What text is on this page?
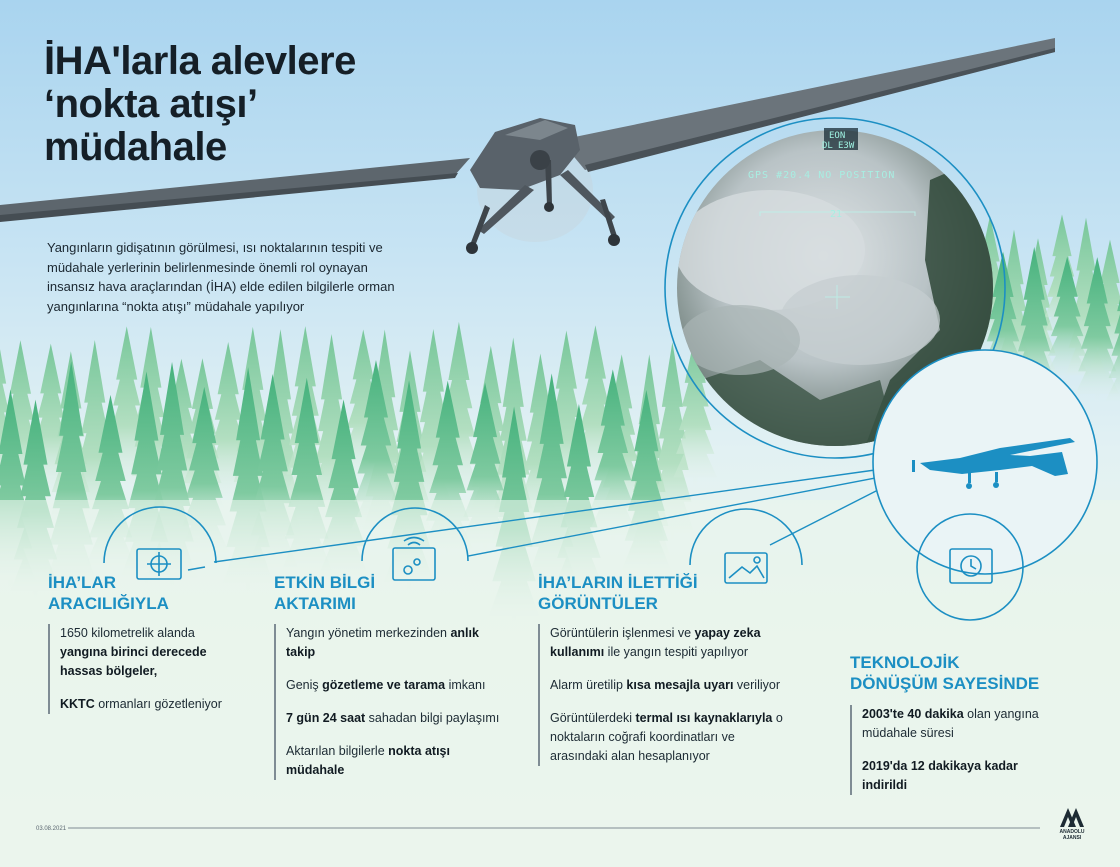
EON
DL E3W
GPS #20.4 NO POSITION
21
İHA'larla alevlere
‘nokta atışı’
müdahale

Yangınların gidişatının görülmesi, ısı noktalarının tespiti ve müdahale yerlerinin belirlenmesinde önemli rol oynayan insansız hava araçlarından (İHA) elde edilen bilgilerle orman yangınlarına “nokta atışı” müdahale yapılıyor

İHA’LAR
ARACILIĞIYLA

1650 kilometrelik alanda yangına birinci derecede hassas bölgeler,

KKTC ormanları gözetleniyor

ETKİN BİLGİ
AKTARIMI

Yangın yönetim merkezinden anlık takip

Geniş gözetleme ve tarama imkanı

7 gün 24 saat sahadan bilgi paylaşımı

Aktarılan bilgilerle nokta atışı müdahale

İHA’LARIN İLETTİĞİ
GÖRÜNTÜLER

Görüntülerin işlenmesi ve yapay zeka kullanımı ile yangın tespiti yapılıyor

Alarm üretilip kısa mesajla uyarı veriliyor

Görüntülerdeki termal ısı kaynaklarıyla o noktaların coğrafi koordinatları ve arasındaki alan hesaplanıyor

TEKNOLOJİK
DÖNÜŞÜM SAYESİNDE

2003'te 40 dakika olan yangına müdahale süresi

2019'da 12 dakikaya kadar indirildi

03.08.2021	ANADOLU AJANSI
